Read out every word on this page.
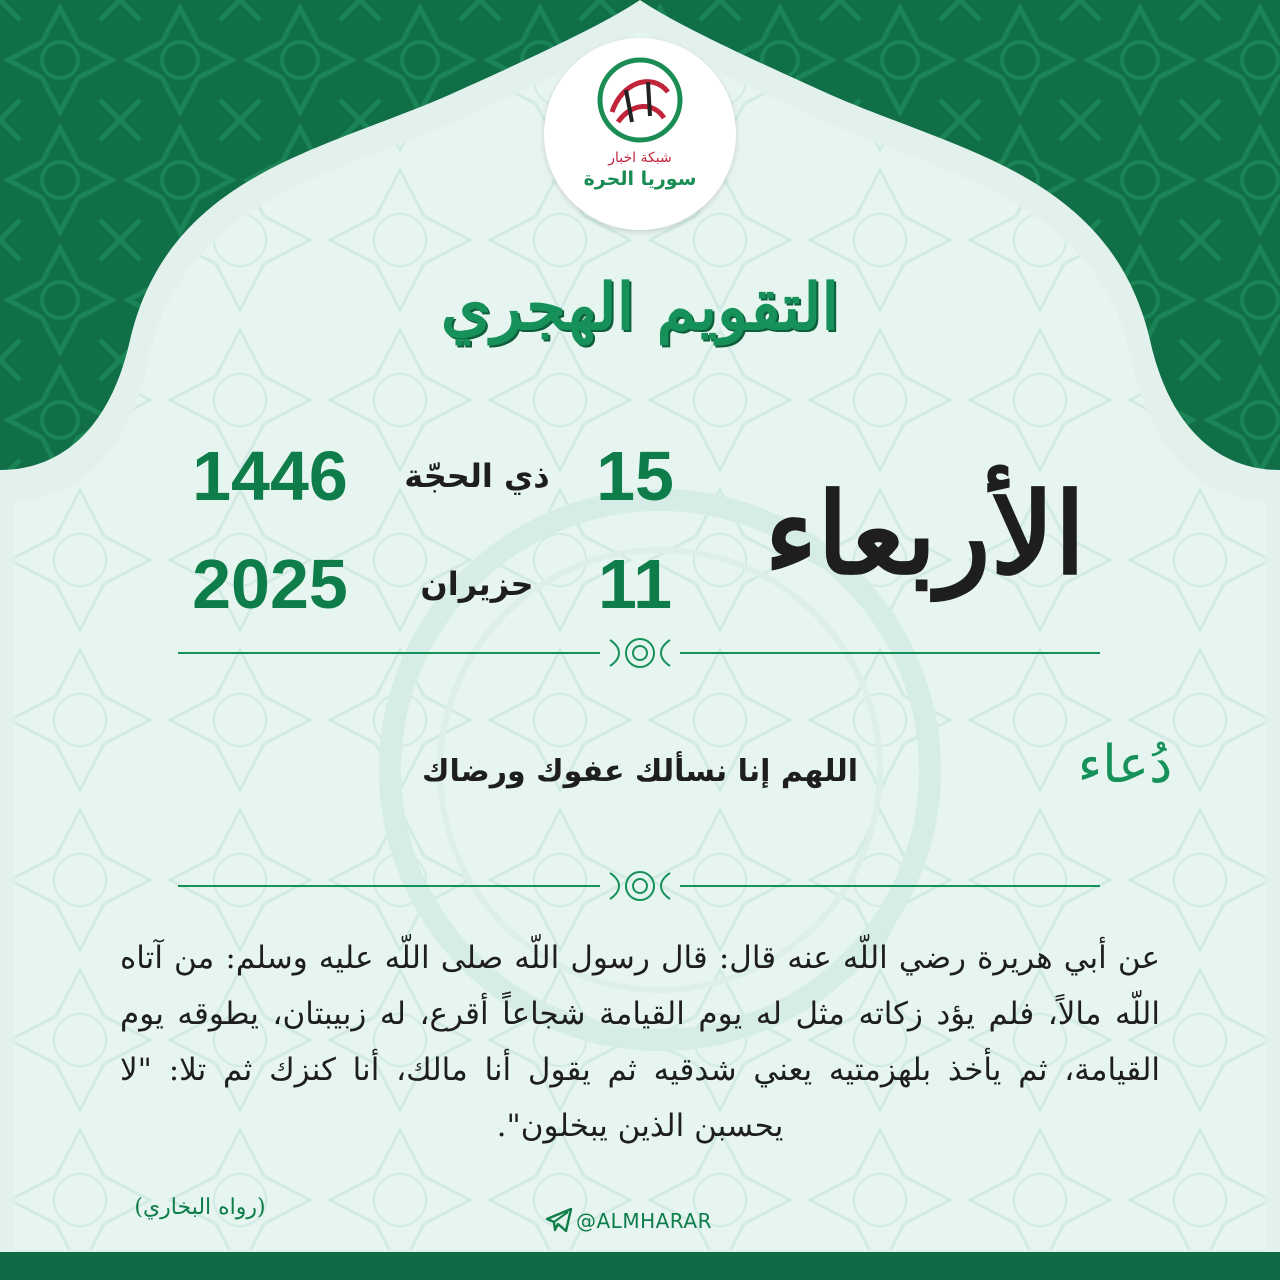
شبكة اخبار
سوريا الحرة
التقويم الهجري
الأربعاء
15
ذي الحجّة
1446
11
حزيران
2025
دُعاء
اللهم إنا نسألك عفوك ورضاك
عن أبي هريرة رضي اللّه عنه قال: قال رسول اللّه صلى اللّه عليه وسلم: من آتاه اللّه مالاً، فلم يؤد زكاته مثل له يوم القيامة شجاعاً أقرع، له زبيبتان، يطوقه يوم القيامة، ثم يأخذ بلهزمتيه يعني شدقيه ثم يقول أنا مالك، أنا كنزك ثم تلا: "لا يحسبن الذين يبخلون".
(رواه البخاري)
@ALMHARAR
